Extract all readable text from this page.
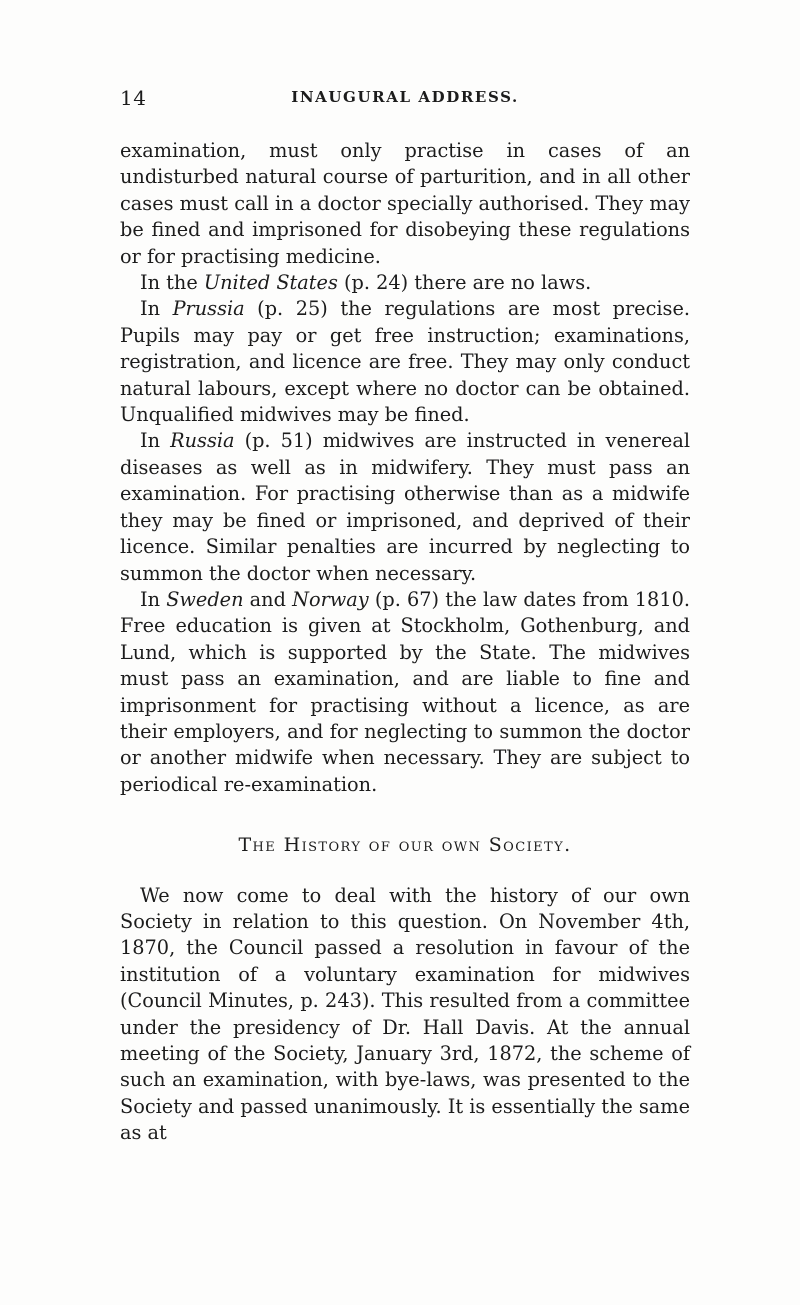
14	INAUGURAL ADDRESS.

examination, must only practise in cases of an undisturbed natural course of parturition, and in all other cases must call in a doctor specially authorised. They may be fined and imprisoned for disobeying these regulations or for practising medicine.

In the United States (p. 24) there are no laws.

In Prussia (p. 25) the regulations are most precise. Pupils may pay or get free instruction; examinations, registration, and licence are free. They may only conduct natural labours, except where no doctor can be obtained. Unqualified midwives may be fined.

In Russia (p. 51) midwives are instructed in venereal diseases as well as in midwifery. They must pass an examination. For practising otherwise than as a midwife they may be fined or imprisoned, and deprived of their licence. Similar penalties are incurred by neglecting to summon the doctor when necessary.

In Sweden and Norway (p. 67) the law dates from 1810. Free education is given at Stockholm, Gothenburg, and Lund, which is supported by the State. The midwives must pass an examination, and are liable to fine and imprisonment for practising without a licence, as are their employers, and for neglecting to summon the doctor or another midwife when necessary. They are subject to periodical re-examination.

The History of our own Society.

We now come to deal with the history of our own Society in relation to this question. On November 4th, 1870, the Council passed a resolution in favour of the institution of a voluntary examination for midwives (Council Minutes, p. 243). This resulted from a committee under the presidency of Dr. Hall Davis. At the annual meeting of the Society, January 3rd, 1872, the scheme of such an examination, with bye-laws, was presented to the Society and passed unanimously. It is essentially the same as at
